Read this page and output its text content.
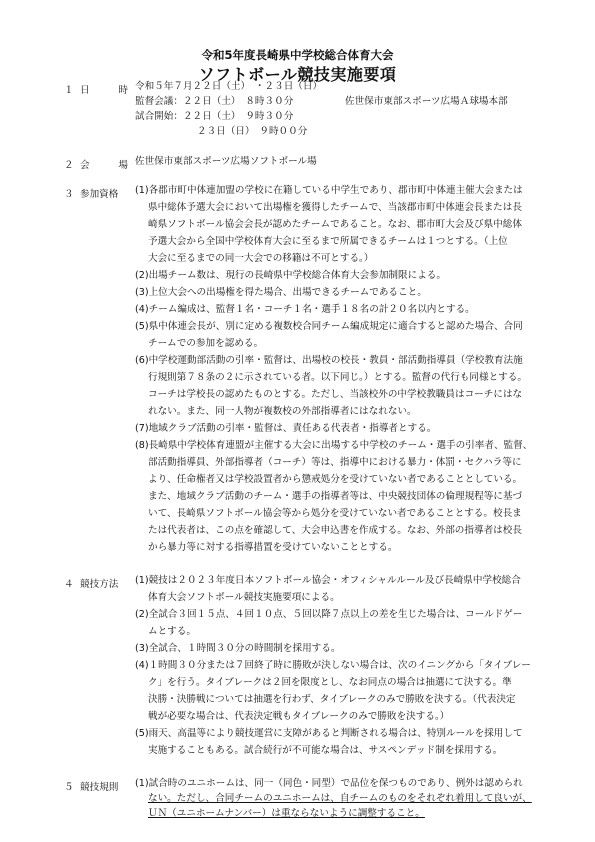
令和5年度長崎県中学校総合体育大会
ソフトボール競技実施要項
１ 日	時 令和５年７月２２日（土）　・２３日（日）
監督会議：２２日（土）　８時３０分	佐世保市東部スポーツ広場Ａ球場本部
試合開始：２２日（土）　９時３０分
２３日（日）　９時００分
２ 会	場 佐世保市東部スポーツ広場ソフトボール場
３ 参加資格 (1)各郡市町中体連加盟の学校に在籍している中学生であり、郡市町中体連主催大会または
県中総体予選大会において出場権を獲得したチームで、当該郡市町中体連会長または長
崎県ソフトボール協会会長が認めたチームであること。なお、郡市町大会及び県中総体
予選大会から全国中学校体育大会に至るまで所属できるチームは１つとする。（上位
大会に至るまでの同一大会での移籍は不可とする。）
(2)出場チーム数は、現行の長崎県中学校総合体育大会参加制限による。
(3)上位大会への出場権を得た場合、出場できるチームであること。
(4)チーム編成は、監督１名・コーチ１名・選手１８名の計２０名以内とする。
(5)県中体連会長が、別に定める複数校合同チーム編成規定に適合すると認めた場合、合同
チームでの参加を認める。
(6)中学校運動部活動の引率・監督は、出場校の校長・教員・部活動指導員（学校教育法施
行規則第７８条の２に示されている者。以下同じ。）とする。監督の代行も同様とする。
コーチは学校長の認めたものとする。ただし、当該校外の中学校教職員はコーチにはな
れない。また、同一人物が複数校の外部指導者にはなれない。
(7)地域クラブ活動の引率・監督は、責任ある代表者・指導者とする。
(8)長崎県中学校体育連盟が主催する大会に出場する中学校のチーム・選手の引率者、監督、
部活動指導員、外部指導者（コーチ）等は、指導中における暴力・体罰・セクハラ等に
より、任命権者又は学校設置者から懲戒処分を受けていない者であることとしている。
また、地域クラブ活動のチーム・選手の指導者等は、中央競技団体の倫理規程等に基づ
いて、長崎県ソフトボール協会等から処分を受けていない者であることとする。校長ま
たは代表者は、この点を確認して、大会申込書を作成する。なお、外部の指導者は校長
から暴力等に対する指導措置を受けていないこととする。
４ 競技方法 (1)競技は２０２３年度日本ソフトボール協会・オフィシャルルール及び長崎県中学校総合
体育大会ソフトボール競技実施要項による。
(2)全試合３回１５点、４回１０点、５回以降７点以上の差を生じた場合は、コールドゲー
ムとする。
(3)全試合、１時間３０分の時間制を採用する。
(4)１時間３０分または７回終了時に勝敗が決しない場合は、次のイニングから「タイブレー
ク」を行う。タイブレークは２回を限度とし、なお同点の場合は抽選にて決する。準
決勝・決勝戦については抽選を行わず、タイブレークのみで勝敗を決する。（代表決定
戦が必要な場合は、代表決定戦もタイブレークのみで勝敗を決する。）
(5)雨天、高温等により競技運営に支障があると判断される場合は、特別ルールを採用して
実施することもある。試合続行が不可能な場合は、サスペンデッド制を採用する。
５ 競技規則 (1)試合時のユニホームは、同一（同色・同型）で品位を保つものであり、例外は認められ
ない。ただし、合同チームのユニホームは、自チームのものをそれぞれ着用して良いが、
ＵＮ（ユニホームナンバー）は重ならないように調整すること。
